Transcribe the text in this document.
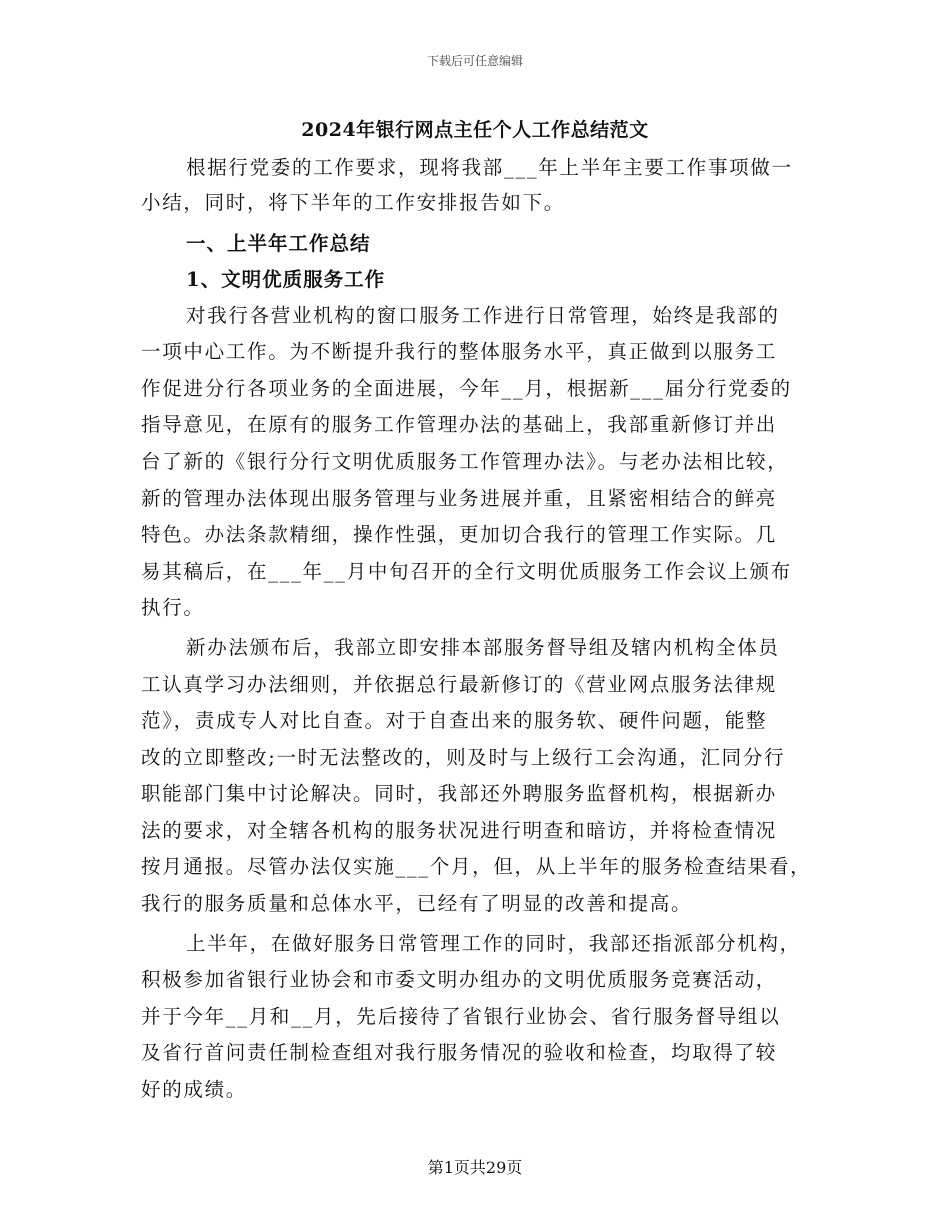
下载后可任意编辑
2024年银行网点主任个人工作总结范文
根据行党委的工作要求，现将我部___年上半年主要工作事项做一
小结，同时，将下半年的工作安排报告如下。
一、上半年工作总结
1、文明优质服务工作
对我行各营业机构的窗口服务工作进行日常管理，始终是我部的
一项中心工作。为不断提升我行的整体服务水平，真正做到以服务工
作促进分行各项业务的全面进展，今年__月，根据新___届分行党委的
指导意见，在原有的服务工作管理办法的基础上，我部重新修订并出
台了新的《银行分行文明优质服务工作管理办法》。与老办法相比较，
新的管理办法体现出服务管理与业务进展并重，且紧密相结合的鲜亮
特色。办法条款精细，操作性强，更加切合我行的管理工作实际。几
易其稿后，在___年__月中旬召开的全行文明优质服务工作会议上颁布
执行。
新办法颁布后，我部立即安排本部服务督导组及辖内机构全体员
工认真学习办法细则，并依据总行最新修订的《营业网点服务法律规
范》，责成专人对比自查。对于自查出来的服务软、硬件问题，能整
改的立即整改;一时无法整改的，则及时与上级行工会沟通，汇同分行
职能部门集中讨论解决。同时，我部还外聘服务监督机构，根据新办
法的要求，对全辖各机构的服务状况进行明查和暗访，并将检查情况
按月通报。尽管办法仅实施___个月，但，从上半年的服务检查结果看，
我行的服务质量和总体水平，已经有了明显的改善和提高。
上半年，在做好服务日常管理工作的同时，我部还指派部分机构，
积极参加省银行业协会和市委文明办组办的文明优质服务竞赛活动，
并于今年__月和__月，先后接待了省银行业协会、省行服务督导组以
及省行首问责任制检查组对我行服务情况的验收和检查，均取得了较
好的成绩。
第1页共29页
